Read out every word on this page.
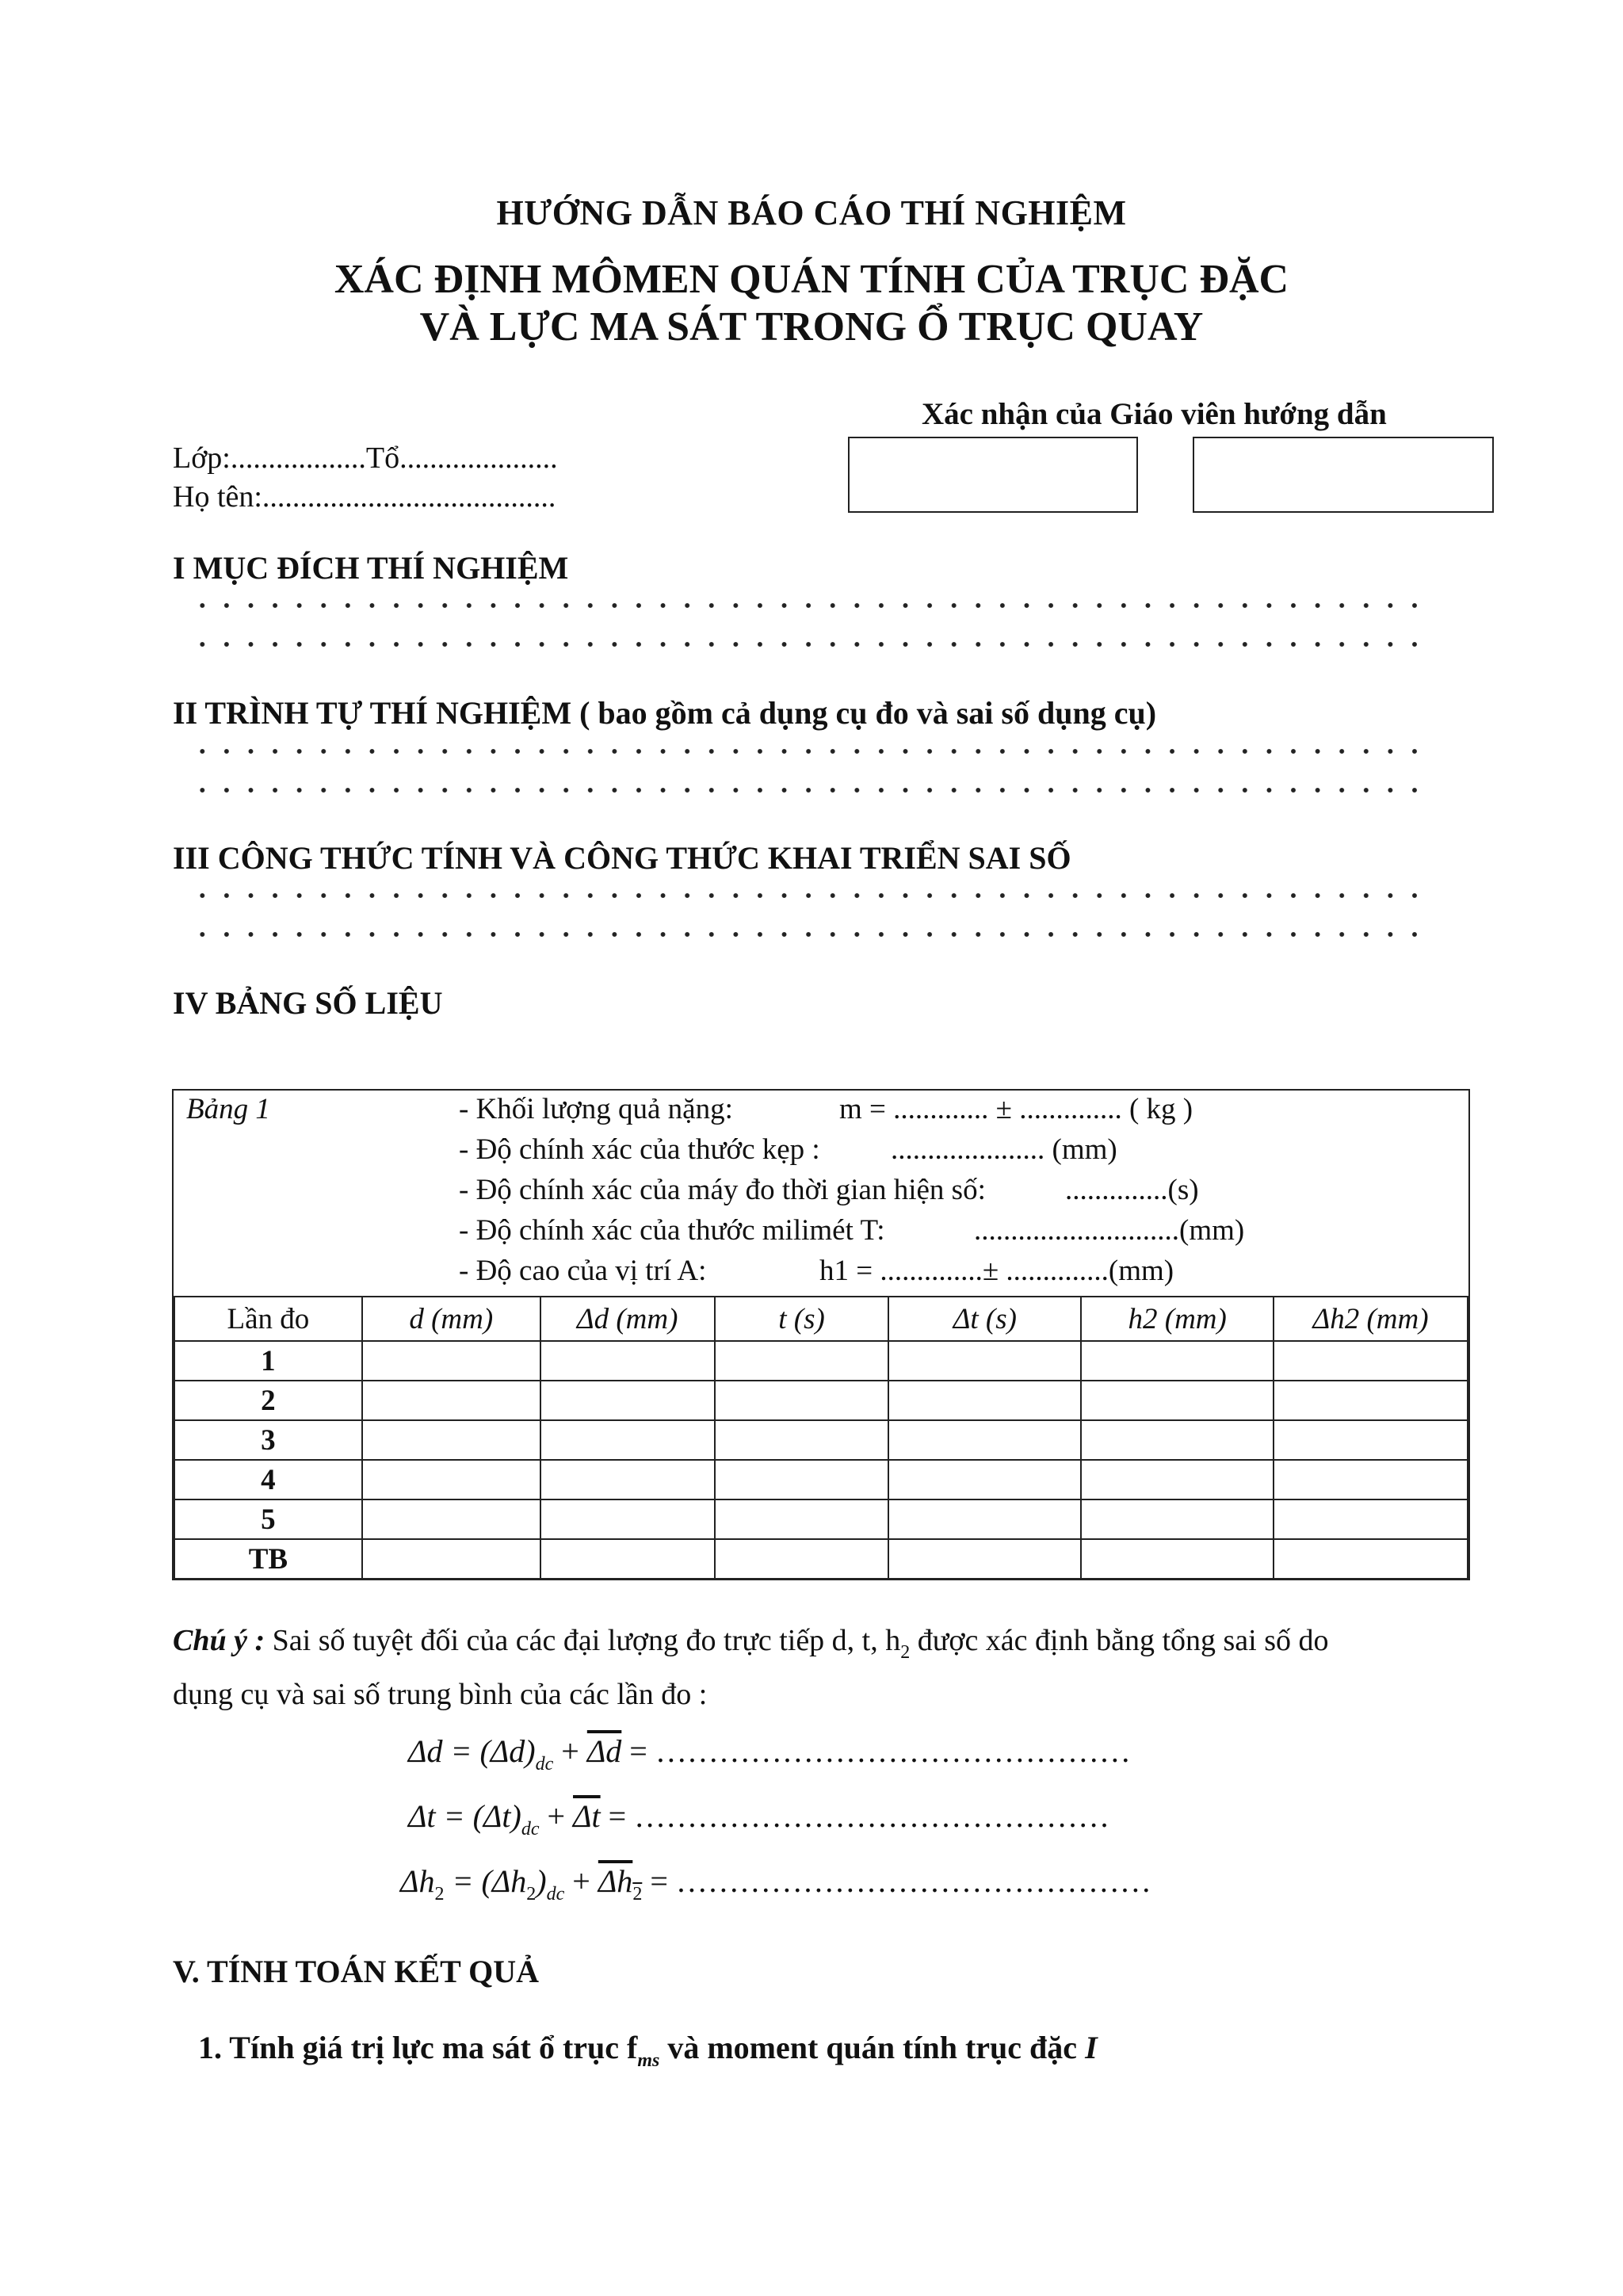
HƯỚNG DẪN BÁO CÁO THÍ NGHIỆM
XÁC ĐỊNH MÔMEN QUÁN TÍNH CỦA TRỤC ĐẶC
VÀ LỰC MA SÁT TRONG Ổ TRỤC QUAY
Xác nhận của Giáo viên hướng dẫn
Lớp:..................Tổ.....................
Họ tên:.......................................
I MỤC ĐÍCH THÍ NGHIỆM
II TRÌNH TỰ THÍ NGHIỆM ( bao gồm cả dụng cụ đo và sai số dụng cụ)
III CÔNG THỨC TÍNH VÀ CÔNG THỨC KHAI TRIỂN SAI SỐ
IV BẢNG SỐ LIỆU
Bảng 1	- Khối lượng quả nặng:	m = ............. ± .............. ( kg )
- Độ chính xác của thước kẹp : ..................... (mm)
- Độ chính xác của máy đo thời gian hiện số:	..............(s)
- Độ chính xác của thước milimét T:	............................(mm)
- Độ cao của vị trí A:	h1 = ..............± ..............(mm)
Lần đo	d (mm)	Δd (mm)	t (s)	Δt (s)	h2 (mm)	Δh2 (mm)
1						
2						
3						
4						
5						
TB						
Chú ý : Sai số tuyệt đối của các đại lượng đo trực tiếp d, t, $h_2$ được xác định bằng tổng sai số do
dụng cụ và sai số trung bình của các lần đo :
$\Delta d = (\Delta d)_{dc} + \overline{\Delta d}$ = ………………………………………
$\Delta t = (\Delta t)_{dc} + \overline{\Delta t}$ = ………………………………………
$\Delta h_2 = (\Delta h_2)_{dc} + \overline{\Delta h}_2$ = ………………………………………
V. TÍNH TOÁN KẾT QUẢ
1. Tính giá trị lực ma sát ổ trục $f_{ms}$ và moment quán tính trục đặc I
